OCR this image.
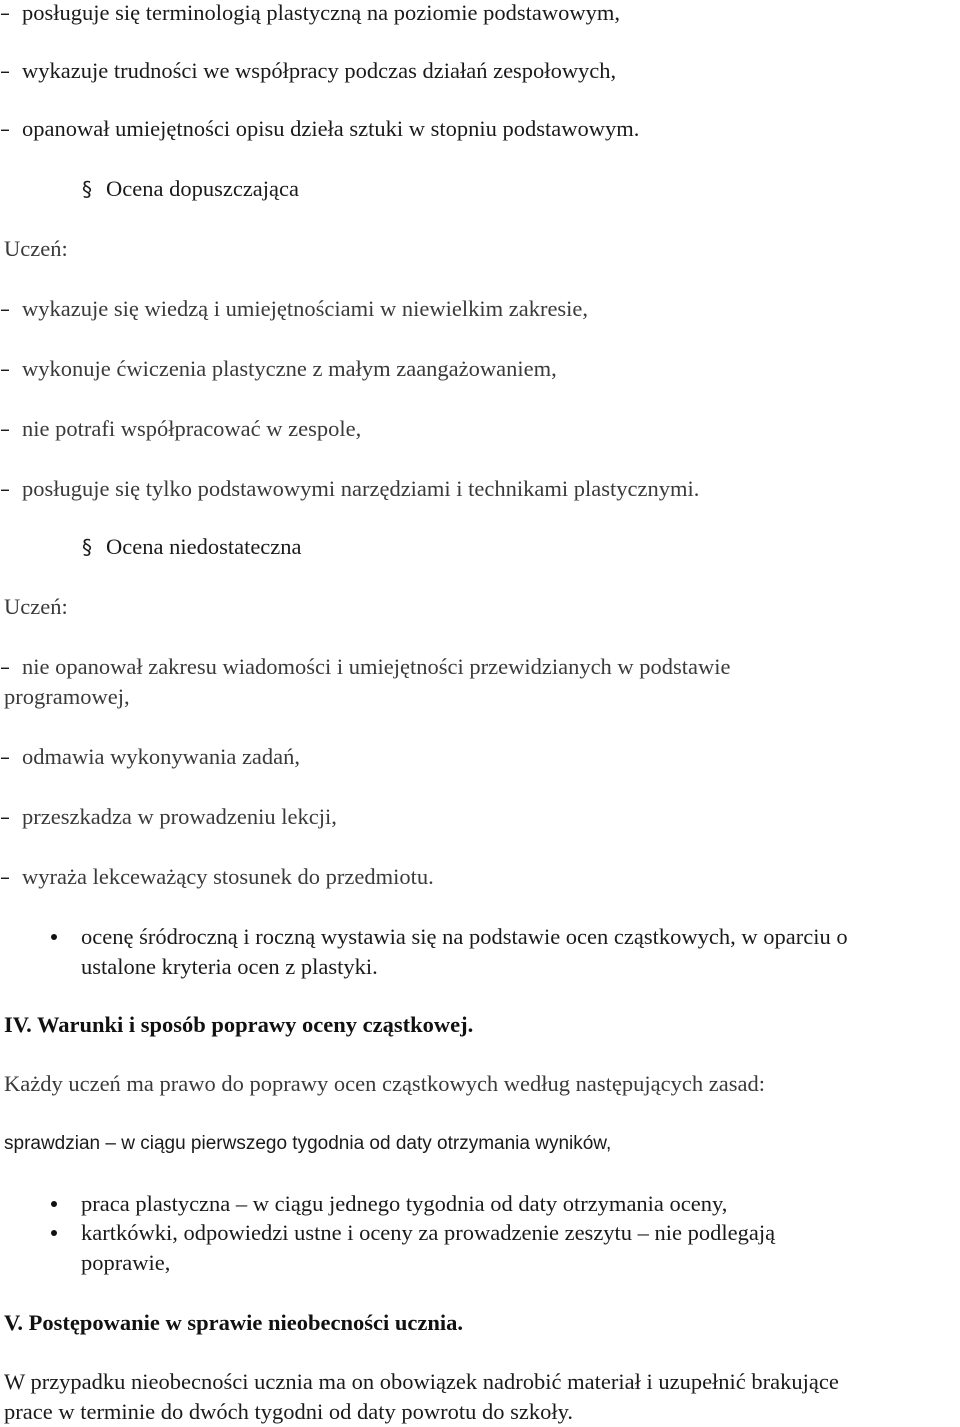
– posługuje się terminologią plastyczną na poziomie podstawowym,
– wykazuje trudności we współpracy podczas działań zespołowych,
– opanował umiejętności opisu dzieła sztuki w stopniu podstawowym.
§ Ocena dopuszczająca
Uczeń:
– wykazuje się wiedzą i umiejętnościami w niewielkim zakresie,
– wykonuje ćwiczenia plastyczne z małym zaangażowaniem,
– nie potrafi współpracować w zespole,
– posługuje się tylko podstawowymi narzędziami i technikami plastycznymi.
§ Ocena niedostateczna
Uczeń:
– nie opanował zakresu wiadomości i umiejętności przewidzianych w podstawie
programowej,
– odmawia wykonywania zadań,
– przeszkadza w prowadzeniu lekcji,
– wyraża lekceważący stosunek do przedmiotu.
ocenę śródroczną i roczną wystawia się na podstawie ocen cząstkowych, w oparciu o
ustalone kryteria ocen z plastyki.
IV. Warunki i sposób poprawy oceny cząstkowej.
Każdy uczeń ma prawo do poprawy ocen cząstkowych według następujących zasad:
sprawdzian – w ciągu pierwszego tygodnia od daty otrzymania wyników,
praca plastyczna – w ciągu jednego tygodnia od daty otrzymania oceny,
kartkówki, odpowiedzi ustne i oceny za prowadzenie zeszytu – nie podlegają
poprawie,
V. Postępowanie w sprawie nieobecności ucznia.
W przypadku nieobecności ucznia ma on obowiązek nadrobić materiał i uzupełnić brakujące
prace w terminie do dwóch tygodni od daty powrotu do szkoły.
